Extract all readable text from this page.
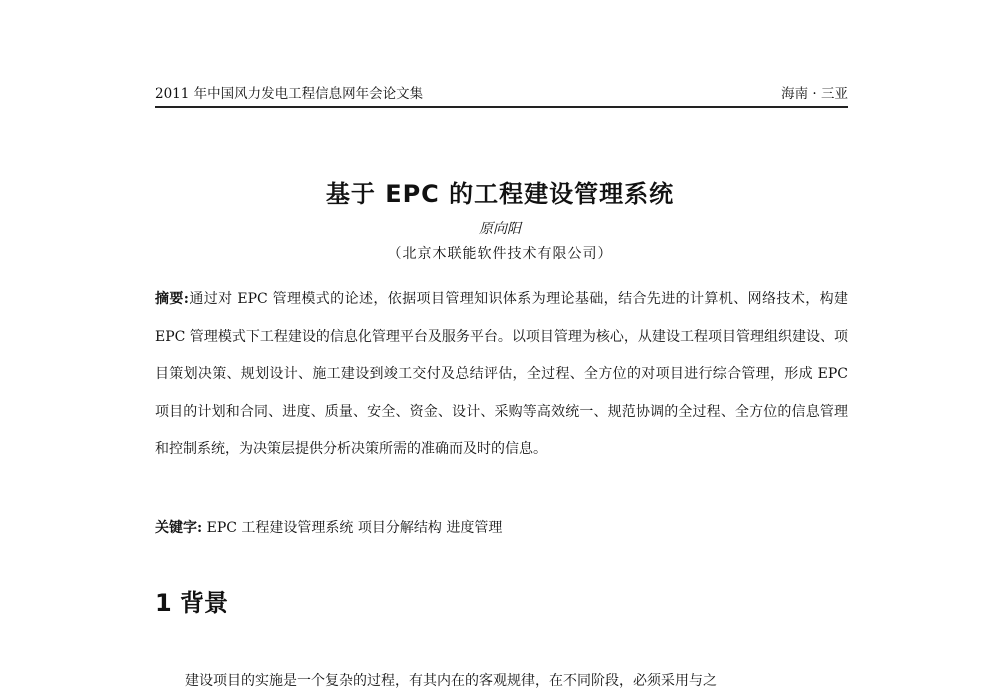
2011 年中国风力发电工程信息网年会论文集	海南 · 三亚
基于 EPC 的工程建设管理系统
原向阳
（北京木联能软件技术有限公司）

摘要:通过对 EPC 管理模式的论述，依据项目管理知识体系为理论基础，结合先进的计算机、网络技术，构建 EPC 管理模式下工程建设的信息化管理平台及服务平台。以项目管理为核心，从建设工程项目管理组织建设、项目策划决策、规划设计、施工建设到竣工交付及总结评估，全过程、全方位的对项目进行综合管理，形成 EPC 项目的计划和合同、进度、质量、安全、资金、设计、采购等高效统一、规范协调的全过程、全方位的信息管理和控制系统，为决策层提供分析决策所需的准确而及时的信息。

关键字: EPC 工程建设管理系统 项目分解结构 进度管理
1 背景
建设项目的实施是一个复杂的过程，有其内在的客观规律，在不同阶段，必须采用与之
